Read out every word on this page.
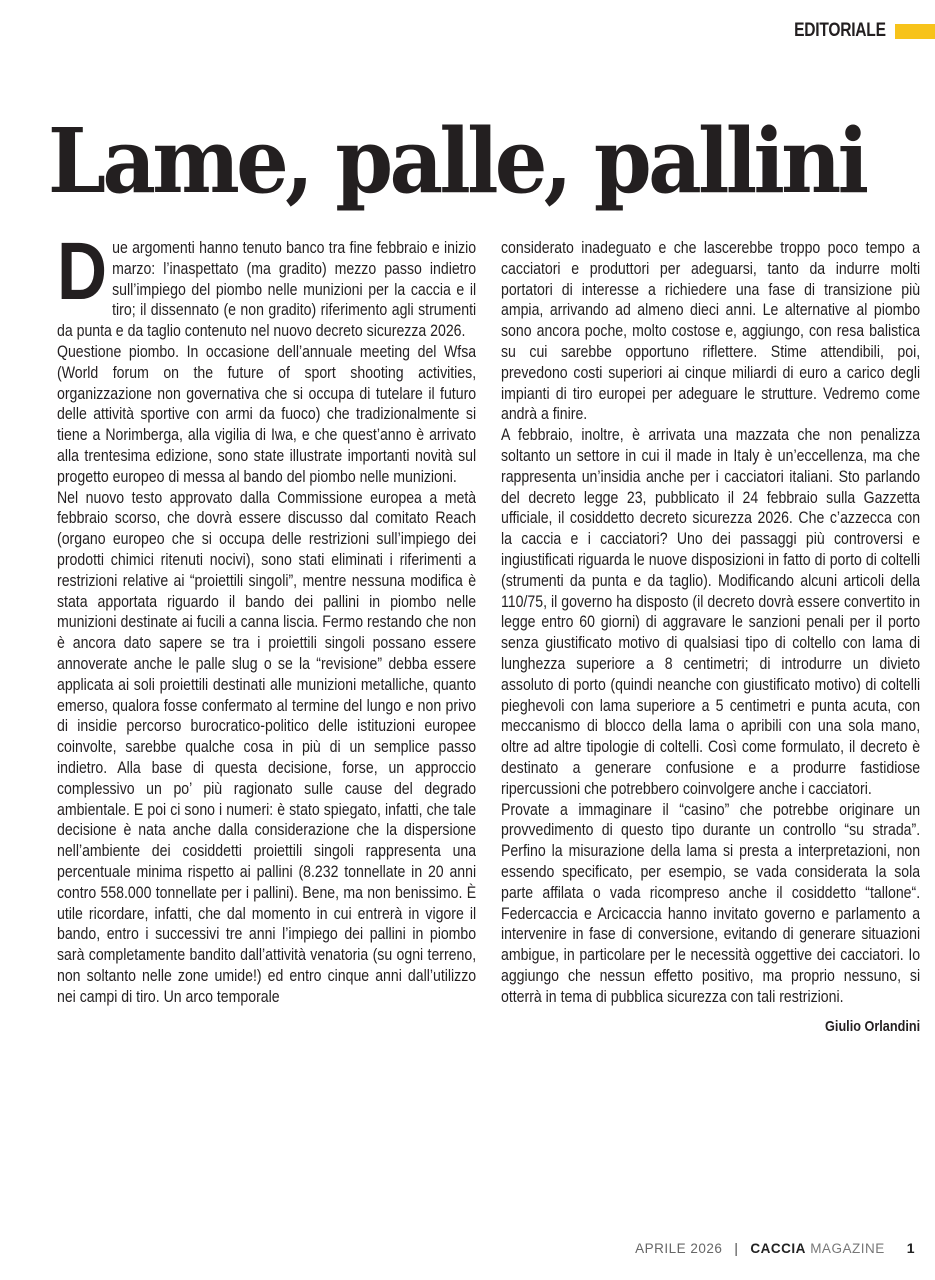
EDITORIALE
Lame, palle, pallini

Due argomenti hanno tenuto banco tra fine febbraio e inizio marzo: l’inaspettato (ma gradito) mezzo passo indietro sull’impiego del piombo nelle munizioni per la caccia e il tiro; il dissennato (e non gradito) riferimento agli strumenti da punta e da taglio contenuto nel nuovo decreto sicurezza 2026.

Questione piombo. In occasione dell’annuale meeting del Wfsa (World forum on the future of sport shooting activities, organizzazione non governativa che si occupa di tutelare il futuro delle attività sportive con armi da fuoco) che tradizionalmente si tiene a Norimberga, alla vigilia di Iwa, e che quest’anno è arrivato alla trentesima edizione, sono state illustrate importanti novità sul progetto europeo di messa al bando del piombo nelle munizioni.

Nel nuovo testo approvato dalla Commissione europea a metà febbraio scorso, che dovrà essere discusso dal comitato Reach (organo europeo che si occupa delle restrizioni sull’impiego dei prodotti chimici ritenuti nocivi), sono stati eliminati i riferimenti a restrizioni relative ai “proiettili singoli”, mentre nessuna modifica è stata apportata riguardo il bando dei pallini in piombo nelle munizioni destinate ai fucili a canna liscia. Fermo restando che non è ancora dato sapere se tra i proiettili singoli possano essere annoverate anche le palle slug o se la “revisione” debba essere applicata ai soli proiettili destinati alle munizioni metalliche, quanto emerso, qualora fosse confermato al termine del lungo e non privo di insidie percorso burocratico-politico delle istituzioni europee coinvolte, sarebbe qualche cosa in più di un semplice passo indietro. Alla base di questa decisione, forse, un approccio complessivo un po’ più ragionato sulle cause del degrado ambientale. E poi ci sono i numeri: è stato spiegato, infatti, che tale decisione è nata anche dalla considerazione che la dispersione nell’ambiente dei cosiddetti proiettili singoli rappresenta una percentuale minima rispetto ai pallini (8.232 tonnellate in 20 anni contro 558.000 tonnellate per i pallini). Bene, ma non benissimo. È utile ricordare, infatti, che dal momento in cui entrerà in vigore il bando, entro i successivi tre anni l’impiego dei pallini in piombo sarà completamente bandito dall’attività venatoria (su ogni terreno, non soltanto nelle zone umide!) ed entro cinque anni dall’utilizzo nei campi di tiro. Un arco temporale

considerato inadeguato e che lascerebbe troppo poco tempo a cacciatori e produttori per adeguarsi, tanto da indurre molti portatori di interesse a richiedere una fase di transizione più ampia, arrivando ad almeno dieci anni. Le alternative al piombo sono ancora poche, molto costose e, aggiungo, con resa balistica su cui sarebbe opportuno riflettere. Stime attendibili, poi, prevedono costi superiori ai cinque miliardi di euro a carico degli impianti di tiro europei per adeguare le strutture. Vedremo come andrà a finire.

A febbraio, inoltre, è arrivata una mazzata che non penalizza soltanto un settore in cui il made in Italy è un’eccellenza, ma che rappresenta un’insidia anche per i cacciatori italiani. Sto parlando del decreto legge 23, pubblicato il 24 febbraio sulla Gazzetta ufficiale, il cosiddetto decreto sicurezza 2026. Che c’azzecca con la caccia e i cacciatori? Uno dei passaggi più controversi e ingiustificati riguarda le nuove disposizioni in fatto di porto di coltelli (strumenti da punta e da taglio). Modificando alcuni articoli della 110/75, il governo ha disposto (il decreto dovrà essere convertito in legge entro 60 giorni) di aggravare le sanzioni penali per il porto senza giustificato motivo di qualsiasi tipo di coltello con lama di lunghezza superiore a 8 centimetri; di introdurre un divieto assoluto di porto (quindi neanche con giustificato motivo) di coltelli pieghevoli con lama superiore a 5 centimetri e punta acuta, con meccanismo di blocco della lama o apribili con una sola mano, oltre ad altre tipologie di coltelli. Così come formulato, il decreto è destinato a generare confusione e a produrre fastidiose ripercussioni che potrebbero coinvolgere anche i cacciatori.

Provate a immaginare il “casino” che potrebbe originare un provvedimento di questo tipo durante un controllo “su strada”. Perfino la misurazione della lama si presta a interpretazioni, non essendo specificato, per esempio, se vada considerata la sola parte affilata o vada ricompreso anche il cosiddetto “tallone“. Federcaccia e Arcicaccia hanno invitato governo e parlamento a intervenire in fase di conversione, evitando di generare situazioni ambigue, in particolare per le necessità oggettive dei cacciatori. Io aggiungo che nessun effetto positivo, ma proprio nessuno, si otterrà in tema di pubblica sicurezza con tali restrizioni.

Giulio Orlandini
APRILE 2026 | CACCIA
MAGAZINE 1
